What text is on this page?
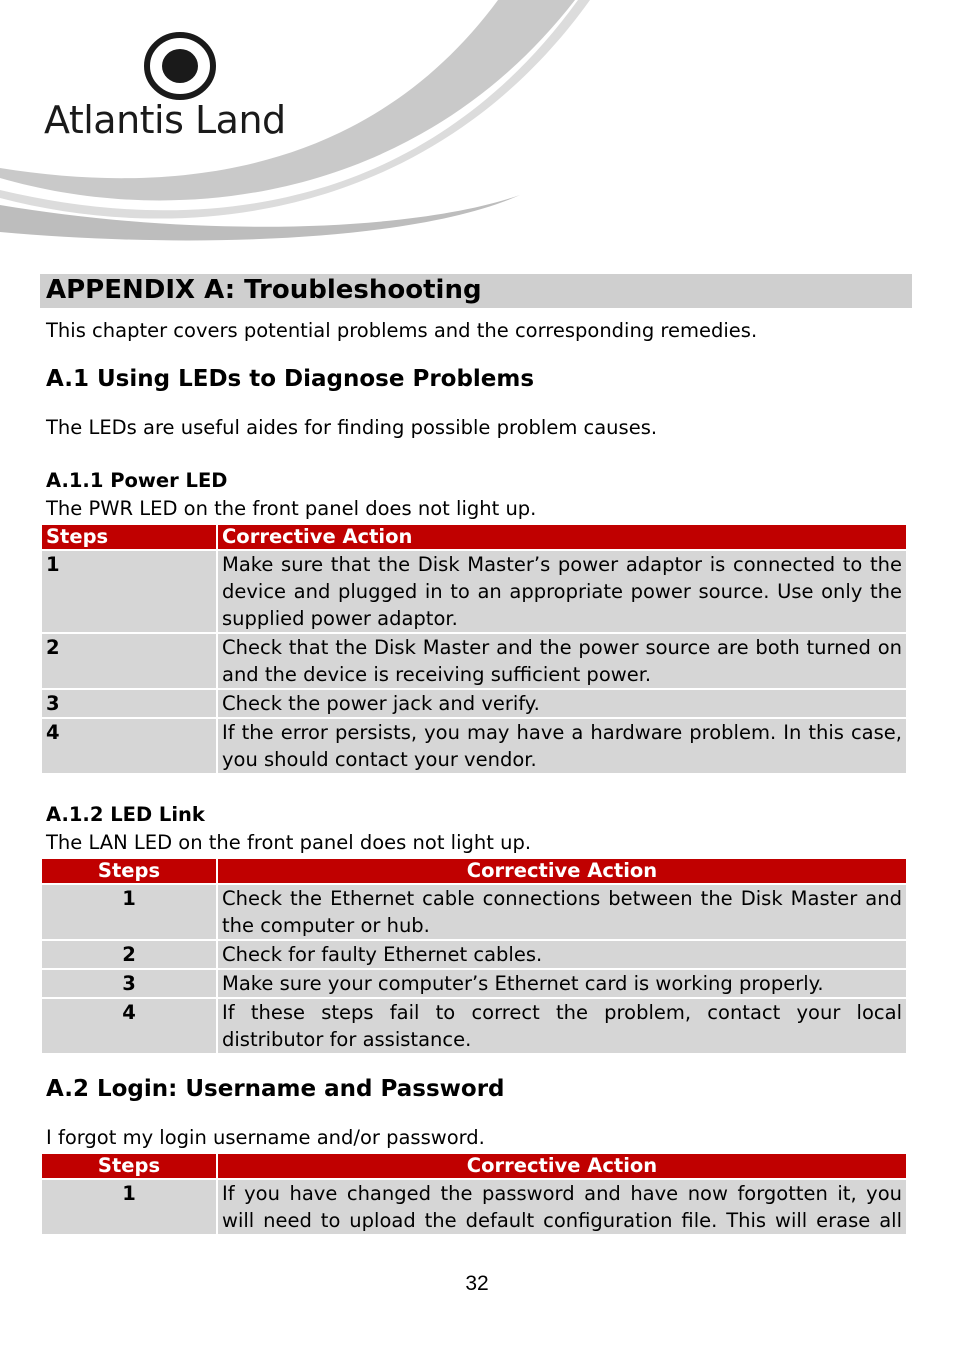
Atlantis Land
APPENDIX A: Troubleshooting
This chapter covers potential problems and the corresponding remedies.
A.1 Using LEDs to Diagnose Problems
The LEDs are useful aides for finding possible problem causes.
A.1.1 Power LED
The PWR LED on the front panel does not light up.
Steps	Corrective Action
1	Make sure that the Disk Master’s power adaptor is connected to the device and plugged in to an appropriate power source. Use only the supplied power adaptor.
2	Check that the Disk Master and the power source are both turned on and the device is receiving sufficient power.
3	Check the power jack and verify.
4	If the error persists, you may have a hardware problem. In this case, you should contact your vendor.
A.1.2 LED Link
The LAN LED on the front panel does not light up.
Steps	Corrective Action
1	Check the Ethernet cable connections between the Disk Master and the computer or hub.
2	Check for faulty Ethernet cables.
3	Make sure your computer’s Ethernet card is working properly.
4	If these steps fail to correct the problem, contact your local distributor for assistance.
A.2 Login: Username and Password
I forgot my login username and/or password.
Steps	Corrective Action
1	If you have changed the password and have now forgotten it, you will need to upload the default configuration file. This will erase all
32
